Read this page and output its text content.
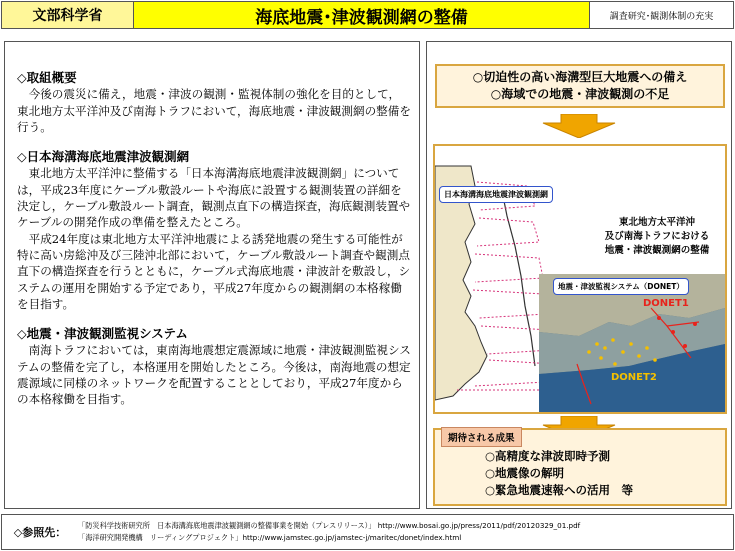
文部科学省	海底地震･津波観測網の整備	調査研究･観測体制の充実
◇取組概要
今後の震災に備え，地震・津波の観測・監視体制の強化を目的として，東北地方太平洋沖及び南海トラフにおいて，海底地震・津波観測網の整備を行う。
◇日本海溝海底地震津波観測網
東北地方太平洋沖に整備する「日本海溝海底地震津波観測網」については，平成23年度にケーブル敷設ルートや海底に設置する観測装置の詳細を決定し，ケーブル敷設ルート調査，観測点直下の構造探査，海底観測装置やケーブルの開発作成の準備を整えたところ。
平成24年度は東北地方太平洋沖地震による誘発地震の発生する可能性が特に高い房総沖及び三陸沖北部において，ケーブル敷設ルート調査や観測点直下の構造探査を行うとともに，ケーブル式海底地震・津波計を敷設し，システムの運用を開始する予定であり，平成27年度からの観測網の本格稼働を目指す。
◇地震・津波観測監視システム
南海トラフにおいては，東南海地震想定震源域に地震・津波観測監視システムの整備を完了し，本格運用を開始したところ。今後は，南海地震の想定震源域に同様のネットワークを配置することとしており，平成27年度からの本格稼働を目指す。
○切迫性の高い海溝型巨大地震への備え
○海域での地震・津波観測の不足
日本海溝海底地震津波観測網
東北地方太平洋沖
及び南海トラフにおける
地震・津波観測網の整備
DONET1
DONET2
地震・津波監視システム（DONET）
期待される成果
○高精度な津波即時予測
○地震像の解明
○緊急地震速報への活用　等
◇参照先：
「防災科学技術研究所　日本海溝海底地震津波観測網の整備事業を開始（プレスリリース）」 http://www.bosai.go.jp/press/2011/pdf/20120329_01.pdf
「海洋研究開発機構　リーディングプロジェクト」http://www.jamstec.go.jp/jamstec-j/maritec/donet/index.html
